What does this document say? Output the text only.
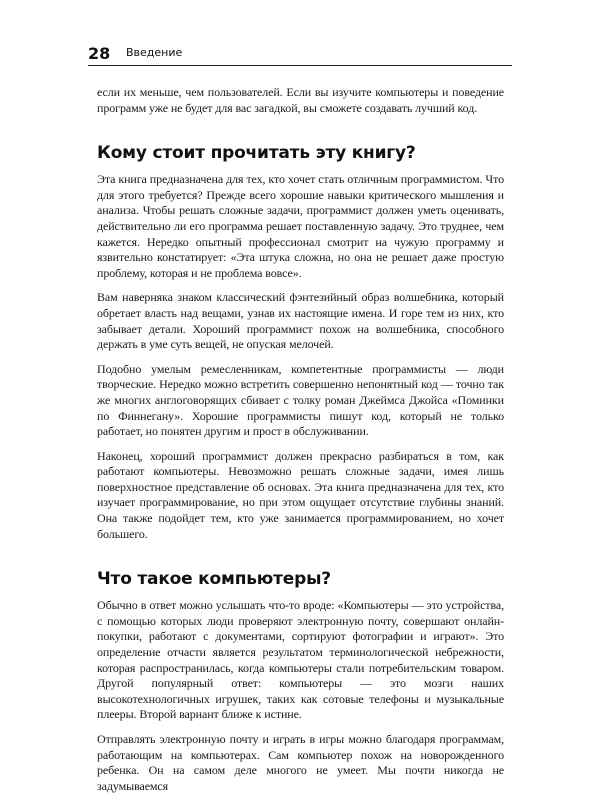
28 Введение

если их меньше, чем пользователей. Если вы изучите компьютеры и поведение программ уже не будет для вас загадкой, вы сможете создавать лучший код.

Кому стоит прочитать эту книгу?

Эта книга предназначена для тех, кто хочет стать отличным программистом. Что для этого требуется? Прежде всего хорошие навыки критического мышления и анализа. Чтобы решать сложные задачи, программист должен уметь оценивать, действительно ли его программа решает поставленную задачу. Это труднее, чем кажется. Нередко опытный профессионал смотрит на чужую программу и язвительно констатирует: «Эта штука сложна, но она не решает даже простую проблему, которая и не проблема вовсе».

Вам наверняка знаком классический фэнтезийный образ волшебника, который обретает власть над вещами, узнав их настоящие имена. И горе тем из них, кто забывает детали. Хороший программист похож на волшебника, способного держать в уме суть вещей, не опуская мелочей.

Подобно умелым ремесленникам, компетентные программисты — люди творческие. Нередко можно встретить совершенно непонятный код — точно так же многих англоговорящих сбивает с толку роман Джеймса Джойса «Поминки по Финнегану». Хорошие программисты пишут код, который не только работает, но понятен другим и прост в обслуживании.

Наконец, хороший программист должен прекрасно разбираться в том, как работают компьютеры. Невозможно решать сложные задачи, имея лишь поверхностное представление об основах. Эта книга предназначена для тех, кто изучает программирование, но при этом ощущает отсутствие глубины знаний. Она также подойдет тем, кто уже занимается программированием, но хочет большего.

Что такое компьютеры?

Обычно в ответ можно услышать что-то вроде: «Компьютеры — это устройства, с помощью которых люди проверяют электронную почту, совершают онлайн-покупки, работают с документами, сортируют фотографии и играют». Это определение отчасти является результатом терминологической небрежности, которая распространилась, когда компьютеры стали потребительским товаром. Другой популярный ответ: компьютеры — это мозги наших высокотехнологичных игрушек, таких как сотовые телефоны и музыкальные плееры. Второй вариант ближе к истине.

Отправлять электронную почту и играть в игры можно благодаря программам, работающим на компьютерах. Сам компьютер похож на новорожденного ребенка. Он на самом деле многого не умеет. Мы почти никогда не задумываемся
